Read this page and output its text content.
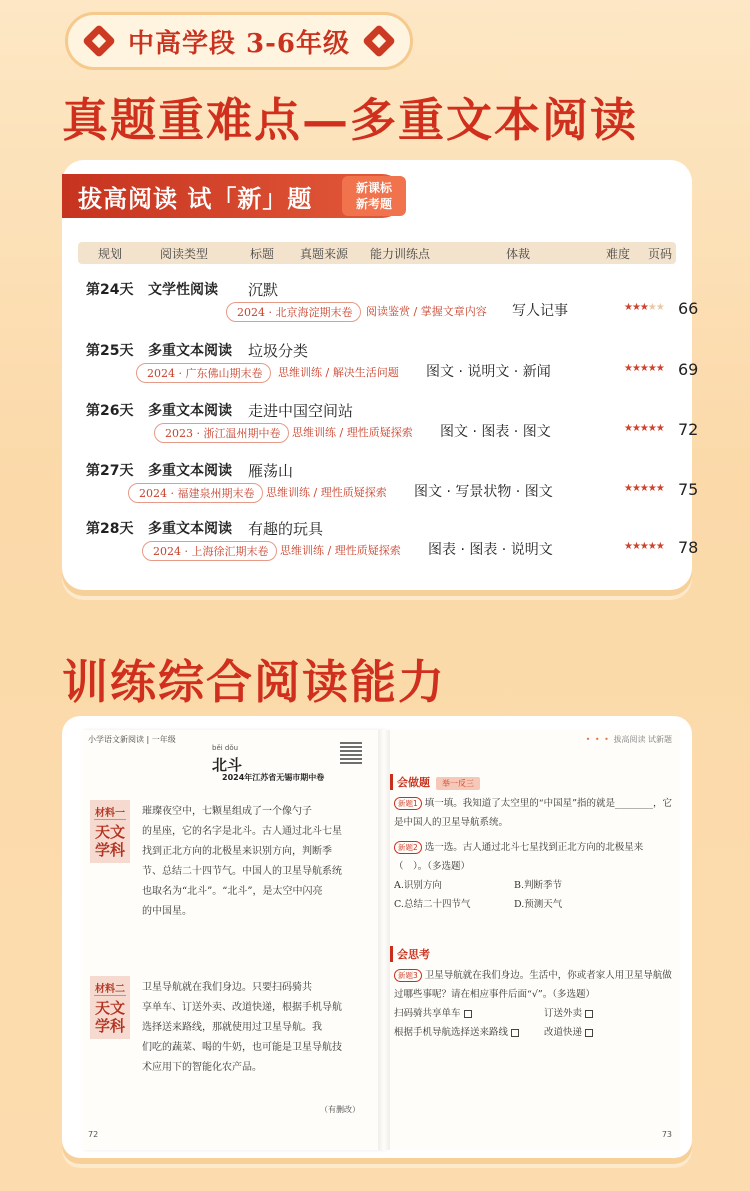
中高学段 3-6年级
真题重难点—多重文本阅读
拔高阅读 试「新」题	新课标
新考题
规划	阅读类型	标题 真题来源 能力训练点	体裁	难度 页码
第24天 文学性阅读 沉默
2024 · 北京海淀期末卷	阅读鉴赏 / 掌握文章内容 写人记事	★★★★★ 66
第25天 多重文本阅读 垃圾分类
2024 · 广东佛山期末卷	思维训练 / 解决生活问题 图文 · 说明文 · 新闻	★★★★★ 69
第26天 多重文本阅读 走进中国空间站
2023 · 浙江温州期中卷	思维训练 / 理性质疑探索 图文 · 图表 · 图文	★★★★★ 72
第27天 多重文本阅读 雁荡山
2024 · 福建泉州期末卷	思维训练 / 理性质疑探索 图文 · 写景状物 · 图文	★★★★★ 75
第28天 多重文本阅读 有趣的玩具
2024 · 上海徐汇期末卷	思维训练 / 理性质疑探索 图表 · 图表 · 说明文	★★★★★ 78
训练综合阅读能力
小学语文新阅读 | 一年级
běi dǒu
北斗
2024年江苏省无锡市期中卷
材料一
天文学科

璀璨夜空中，七颗星组成了一个像勺子

的星座，它的名字是北斗。古人通过北斗七星

找到正北方向的北极星来识别方向，判断季

节、总结二十四节气。中国人的卫星导航系统

也取名为“北斗”。“北斗”，是太空中闪亮

的中国星。

材料二
天文学科

卫星导航就在我们身边。只要扫码骑共

享单车、订送外卖、改道快递，根据手机导航

选择送来路线，那就使用过卫星导航。我

们吃的蔬菜、喝的牛奶，也可能是卫星导航技

术应用下的智能化农产品。

（有删改）
72
• • • 拔高阅读 试新题
会做题 举一反三
新题1 填一填。我知道了太空里的“中国星”指的就是________，它是中国人的卫星导航系统。
新题2 选一选。古人通过北斗七星找到正北方向的北极星来（　）。（多选题）
A.识别方向	B.判断季节
C.总结二十四节气	D.预测天气
会思考
新题3 卫星导航就在我们身边。生活中，你或者家人用卫星导航做过哪些事呢？请在相应事件后面“√”。（多选题）
扫码骑共享单车	订送外卖
根据手机导航选择送来路线	改道快递
73
